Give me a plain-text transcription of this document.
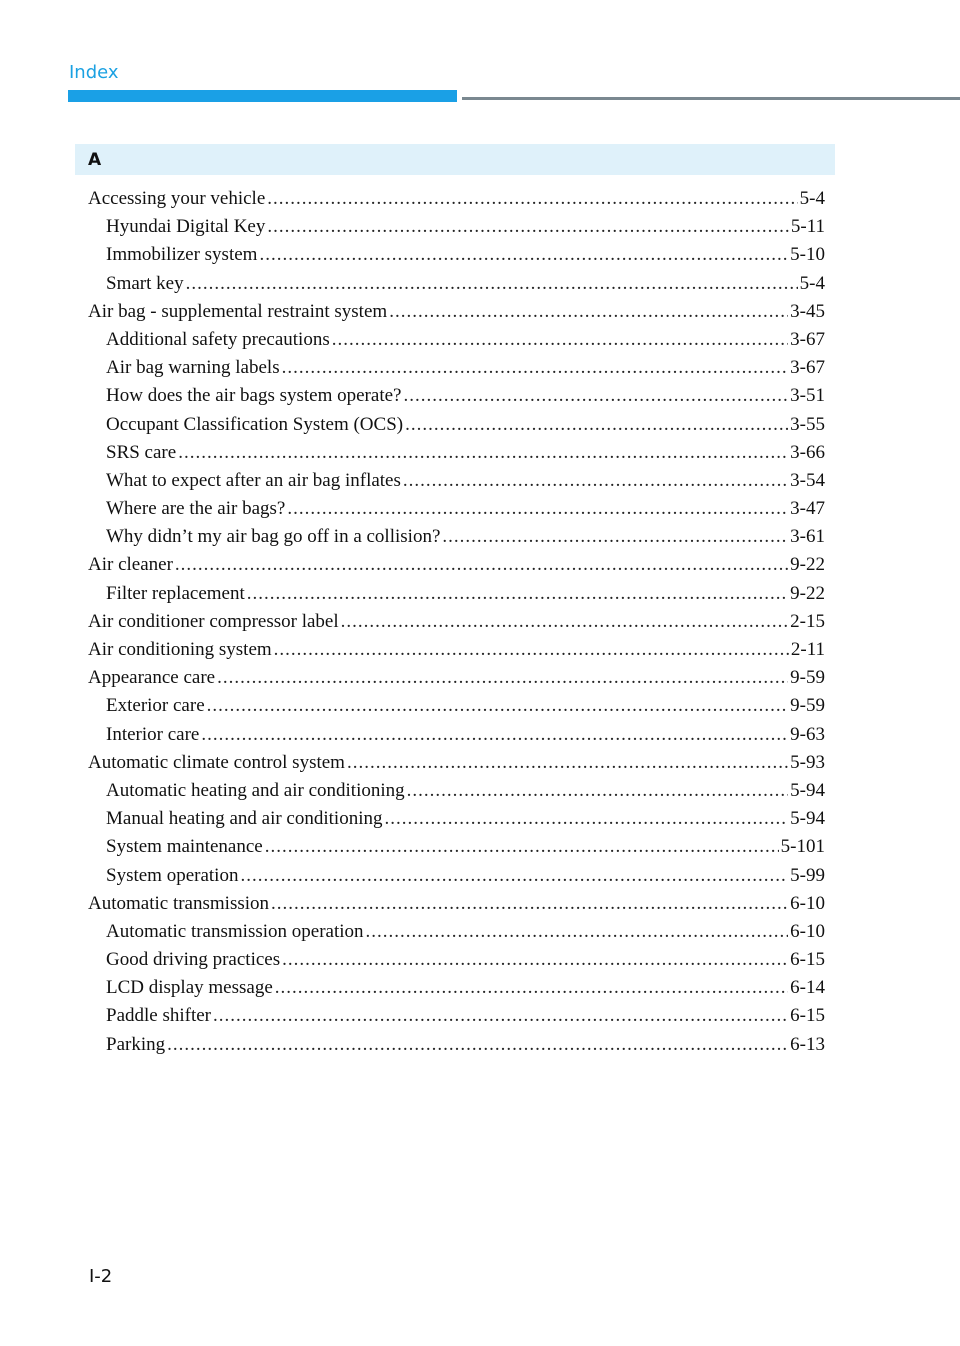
Index
A
Accessing your vehicle .....	5-4
Hyundai Digital Key .....	5-11
Immobilizer system .....	5-10
Smart key .....	5-4
Air bag - supplemental restraint system .....	3-45
Additional safety precautions .....	3-67
Air bag warning labels .....	3-67
How does the air bags system operate? .....	3-51
Occupant Classification System (OCS) .....	3-55
SRS care .....	3-66
What to expect after an air bag inflates .....	3-54
Where are the air bags? .....	3-47
Why didn’t my air bag go off in a collision? .....	3-61
Air cleaner .....	9-22
Filter replacement .....	9-22
Air conditioner compressor label .....	2-15
Air conditioning system .....	2-11
Appearance care .....	9-59
Exterior care .....	9-59
Interior care .....	9-63
Automatic climate control system .....	5-93
Automatic heating and air conditioning .....	5-94
Manual heating and air conditioning .....	5-94
System maintenance .....	5-101
System operation .....	5-99
Automatic transmission .....	6-10
Automatic transmission operation .....	6-10
Good driving practices .....	6-15
LCD display message .....	6-14
Paddle shifter .....	6-15
Parking .....	6-13
I-2
